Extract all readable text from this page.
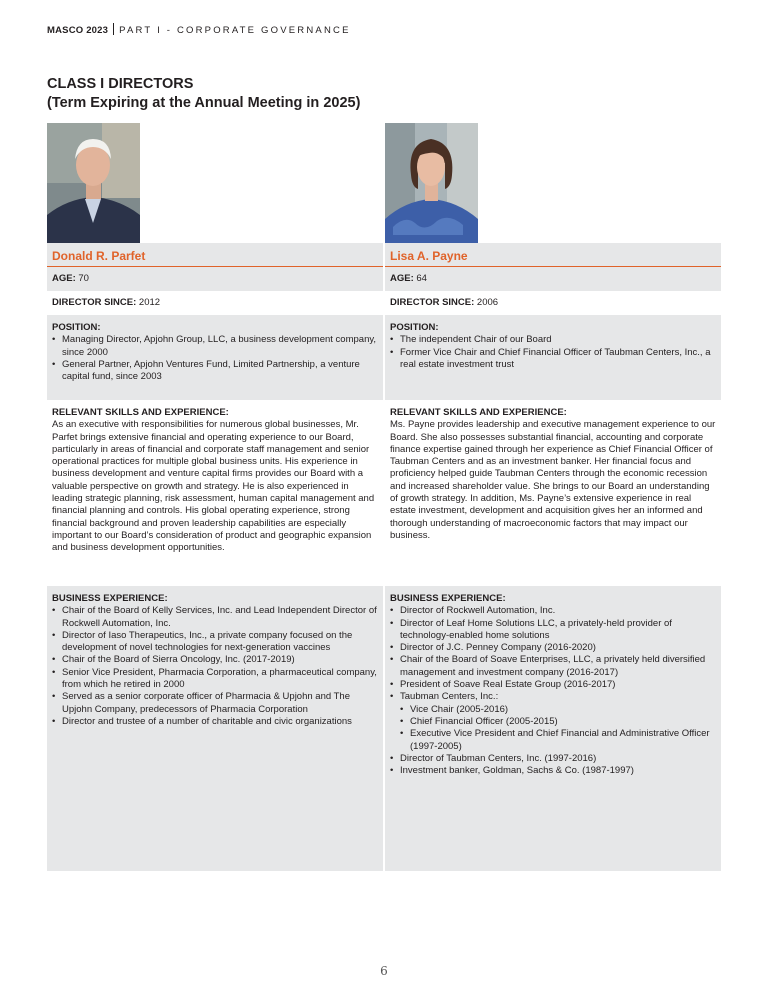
MASCO 2023 PART I - CORPORATE GOVERNANCE
CLASS I DIRECTORS
(Term Expiring at the Annual Meeting in 2025)
Donald R. Parfet
AGE: 70
DIRECTOR SINCE: 2012
POSITION:
• Managing Director, Apjohn Group, LLC, a business development company, since 2000
• General Partner, Apjohn Ventures Fund, Limited Partnership, a venture capital fund, since 2003
RELEVANT SKILLS AND EXPERIENCE:

As an executive with responsibilities for numerous global businesses, Mr. Parfet brings extensive financial and operating experience to our Board, particularly in areas of financial and corporate staff management and senior operational practices for multiple global business units. His experience in business development and venture capital firms provides our Board with a valuable perspective on growth and strategy. He is also experienced in leading strategic planning, risk assessment, human capital management and financial planning and controls. His global operating experience, strong financial background and proven leadership capabilities are especially important to our Board’s consideration of product and geographic expansion and business development opportunities.

BUSINESS EXPERIENCE:
• Chair of the Board of Kelly Services, Inc. and Lead Independent Director of Rockwell Automation, Inc.
• Director of Iaso Therapeutics, Inc., a private company focused on the development of novel technologies for next-generation vaccines
• Chair of the Board of Sierra Oncology, Inc. (2017-2019)
• Senior Vice President, Pharmacia Corporation, a pharmaceutical company, from which he retired in 2000
• Served as a senior corporate officer of Pharmacia & Upjohn and The Upjohn Company, predecessors of Pharmacia Corporation
• Director and trustee of a number of charitable and civic organizations
Lisa A. Payne
AGE: 64
DIRECTOR SINCE: 2006
POSITION:
• The independent Chair of our Board
• Former Vice Chair and Chief Financial Officer of Taubman Centers, Inc., a real estate investment trust
RELEVANT SKILLS AND EXPERIENCE:

Ms. Payne provides leadership and executive management experience to our Board. She also possesses substantial financial, accounting and corporate finance expertise gained through her experience as Chief Financial Officer of Taubman Centers and as an investment banker. Her financial focus and proficiency helped guide Taubman Centers through the economic recession and increased shareholder value. She brings to our Board an understanding of growth strategy. In addition, Ms. Payne’s extensive experience in real estate investment, development and acquisition gives her an informed and thorough understanding of macroeconomic factors that may impact our business.

BUSINESS EXPERIENCE:
• Director of Rockwell Automation, Inc.
• Director of Leaf Home Solutions LLC, a privately-held provider of technology-enabled home solutions
• Director of J.C. Penney Company (2016-2020)
• Chair of the Board of Soave Enterprises, LLC, a privately held diversified management and investment company (2016-2017)
• President of Soave Real Estate Group (2016-2017)
• Taubman Centers, Inc.:
• Vice Chair (2005-2016)
• Chief Financial Officer (2005-2015)
• Executive Vice President and Chief Financial and Administrative Officer (1997-2005)
• Director of Taubman Centers, Inc. (1997-2016)
• Investment banker, Goldman, Sachs & Co. (1987-1997)
6
